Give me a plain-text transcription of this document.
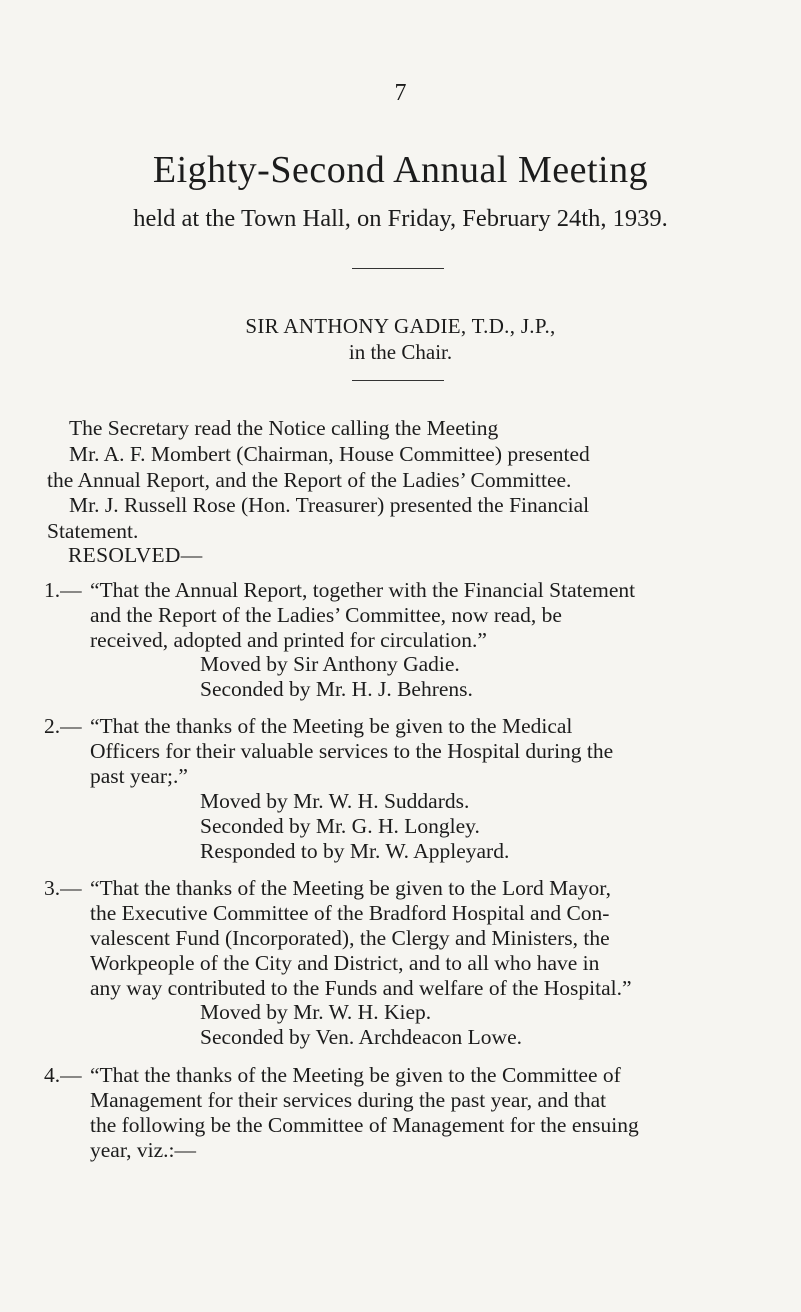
7
Eighty-Second Annual Meeting
held at the Town Hall, on Friday, February 24th, 1939.
SIR ANTHONY GADIE, T.D., J.P.,
in the Chair.
The Secretary read the Notice calling the Meeting
Mr. A. F. Mombert (Chairman, House Committee) presented
the Annual Report, and the Report of the Ladies’ Committee.
Mr. J. Russell Rose (Hon. Treasurer) presented the Financial
Statement.
RESOLVED—
1.— “That the Annual Report, together with the Financial Statement
and the Report of the Ladies’ Committee, now read, be
received, adopted and printed for circulation.”
Moved by Sir Anthony Gadie.
Seconded by Mr. H. J. Behrens.
2.— “That the thanks of the Meeting be given to the Medical
Officers for their valuable services to the Hospital during the
past year;.”
Moved by Mr. W. H. Suddards.
Seconded by Mr. G. H. Longley.
Responded to by Mr. W. Appleyard.
3.— “That the thanks of the Meeting be given to the Lord Mayor,
the Executive Committee of the Bradford Hospital and Con-
valescent Fund (Incorporated), the Clergy and Ministers, the
Workpeople of the City and District, and to all who have in
any way contributed to the Funds and welfare of the Hospital.”
Moved by Mr. W. H. Kiep.
Seconded by Ven. Archdeacon Lowe.
4.— “That the thanks of the Meeting be given to the Committee of
Management for their services during the past year, and that
the following be the Committee of Management for the ensuing
year, viz.:—
